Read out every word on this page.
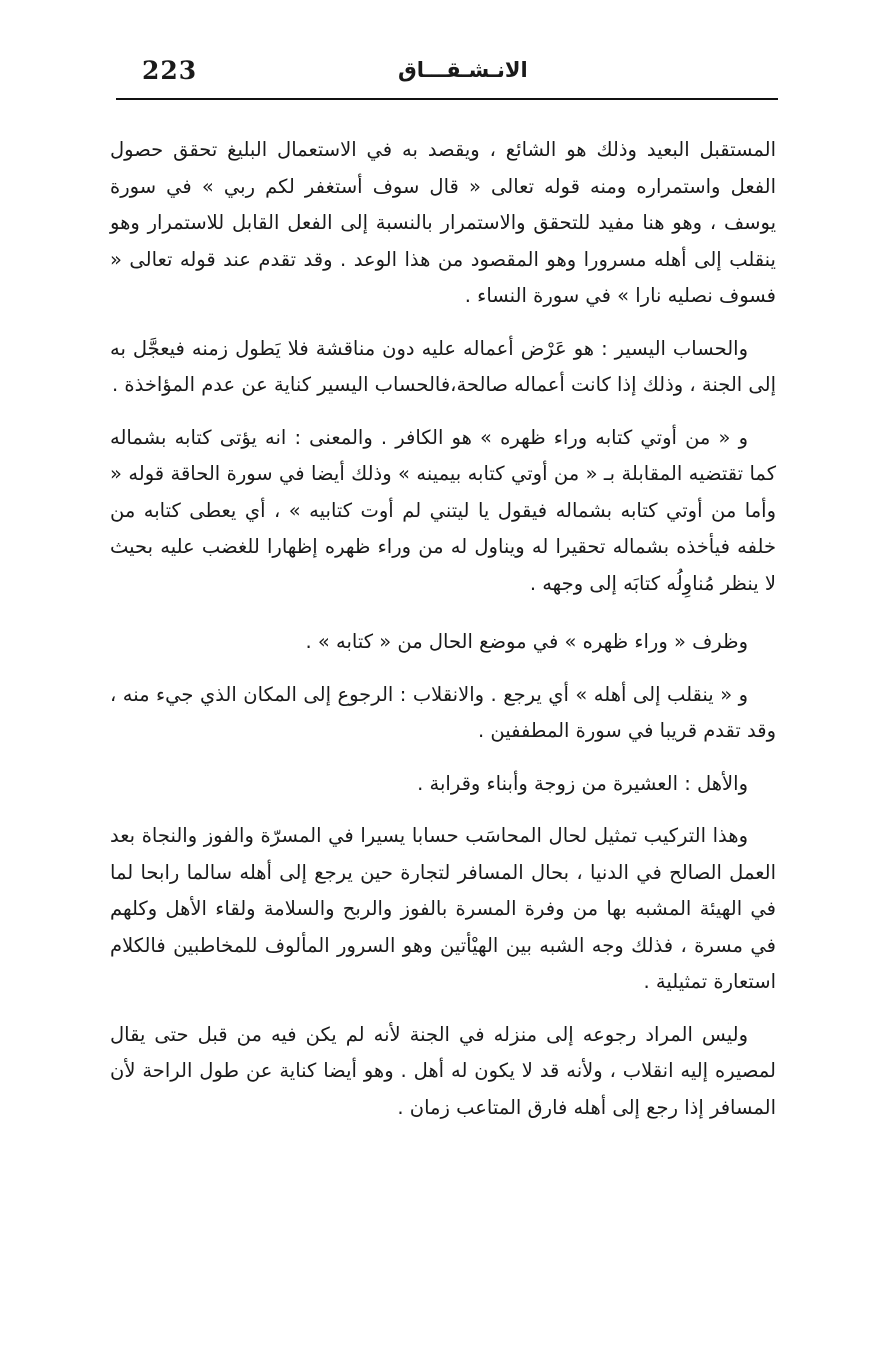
223	الانـشـقـــاق

المستقبل البعيد وذلك هو الشائع ، ويقصد به في الاستعمال البليغ تحقق حصول الفعل واستمراره ومنه قوله تعالى « قال سوف أستغفر لكم ربي » في سورة يوسف ، وهو هنا مفيد للتحقق والاستمرار بالنسبة إلى الفعل القابل للاستمرار وهو ينقلب إلى أهله مسرورا وهو المقصود من هذا الوعد . وقد تقدم عند قوله تعالى « فسوف نصليه نارا » في سورة النساء .

والحساب اليسير : هو عَرْض أعماله عليه دون مناقشة فلا يَطول زمنه فيعجَّل به إلى الجنة ، وذلك إذا كانت أعماله صالحة،فالحساب اليسير كناية عن عدم المؤاخذة .

و « من أوتي كتابه وراء ظهره » هو الكافر . والمعنى : انه يؤتى كتابه بشماله كما تقتضيه المقابلة بـ « من أوتي كتابه بيمينه » وذلك أيضا في سورة الحاقة قوله « وأما من أوتي كتابه بشماله فيقول يا ليتني لم أوت كتابيه » ، أي يعطى كتابه من خلفه فيأخذه بشماله تحقيرا له ويناول له من وراء ظهره إظهارا للغضب عليه بحيث لا ينظر مُناوِلُه كتابَه إلى وجهه .

وظرف « وراء ظهره » في موضع الحال من « كتابه » .

و « ينقلب إلى أهله » أي يرجع . والانقلاب : الرجوع إلى المكان الذي جيء منه ، وقد تقدم قريبا في سورة المطففين .

والأهل : العشيرة من زوجة وأبناء وقرابة .

وهذا التركيب تمثيل لحال المحاسَب حسابا يسيرا في المسرّة والفوز والنجاة بعد العمل الصالح في الدنيا ، بحال المسافر لتجارة حين يرجع إلى أهله سالما رابحا لما في الهيئة المشبه بها من وفرة المسرة بالفوز والربح والسلامة ولقاء الأهل وكلهم في مسرة ، فذلك وجه الشبه بين الهيْأتين وهو السرور المألوف للمخاطبين فالكلام استعارة تمثيلية .

وليس المراد رجوعه إلى منزله في الجنة لأنه لم يكن فيه من قبل حتى يقال لمصيره إليه انقلاب ، ولأنه قد لا يكون له أهل . وهو أيضا كناية عن طول الراحة لأن المسافر إذا رجع إلى أهله فارق المتاعب زمان .
